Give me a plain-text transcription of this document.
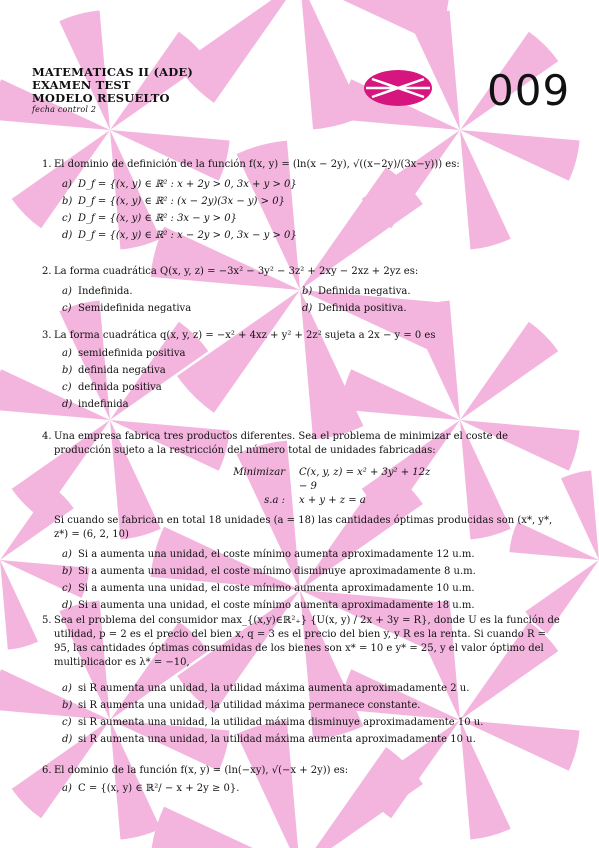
MATEMATICAS II (ADE)
EXAMEN TEST
MODELO RESUELTO
fecha control 2	009
1. El dominio de definición de la función f(x, y) = (ln(x − 2y), √((x−2y)/(3x−y))) es:
a) D_f = {(x, y) ∈ ℝ² : x + 2y > 0, 3x + y > 0}
b) D_f = {(x, y) ∈ ℝ² : (x − 2y)(3x − y) > 0}
c) D_f = {(x, y) ∈ ℝ² : 3x − y > 0}
d) D_f = {(x, y) ∈ ℝ² : x − 2y > 0, 3x − y > 0}
2. La forma cuadrática Q(x, y, z) = −3x² − 3y² − 3z² + 2xy − 2xz + 2yz es:
a) Indefinida.	b) Definida negativa.
c) Semidefinida negativa	d) Definida positiva.
3. La forma cuadrática q(x, y, z) = −x² + 4xz + y² + 2z² sujeta a 2x − y = 0 es
a) semidefinida positiva
b) definida negativa
c) definida positiva
d) indefinida
4. Una empresa fabrica tres productos diferentes. Sea el problema de minimizar el coste de producción sujeto a la restricción del número total de unidades fabricadas:
Minimizar C(x, y, z) = x² + 3y² + 12z − 9
s.a : x + y + z = a
Si cuando se fabrican en total 18 unidades (a = 18) las cantidades óptimas producidas son (x*, y*, z*) = (6, 2, 10)
a) Si a aumenta una unidad, el coste mínimo aumenta aproximadamente 12 u.m.
b) Si a aumenta una unidad, el coste mínimo disminuye aproximadamente 8 u.m.
c) Si a aumenta una unidad, el coste mínimo aumenta aproximadamente 10 u.m.
d) Si a aumenta una unidad, el coste mínimo aumenta aproximadamente 18 u.m.
5. Sea el problema del consumidor max_{(x,y)∈ℝ²₊} {U(x, y) / 2x + 3y = R}, donde U es la función de utilidad, p = 2 es el precio del bien x, q = 3 es el precio del bien y, y R es la renta. Si cuando R = 95, las cantidades óptimas consumidas de los bienes son x* = 10 e y* = 25, y el valor óptimo del multiplicador es λ* = −10,
a) si R aumenta una unidad, la utilidad máxima aumenta aproximadamente 2 u.
b) si R aumenta una unidad, la utilidad máxima permanece constante.
c) si R aumenta una unidad, la utilidad máxima disminuye aproximadamente 10 u.
d) si R aumenta una unidad, la utilidad máxima aumenta aproximadamente 10 u.
6. El dominio de la función f(x, y) = (ln(−xy), √(−x + 2y)) es:
a) C = {(x, y) ∈ ℝ²/ − x + 2y ≥ 0}.
